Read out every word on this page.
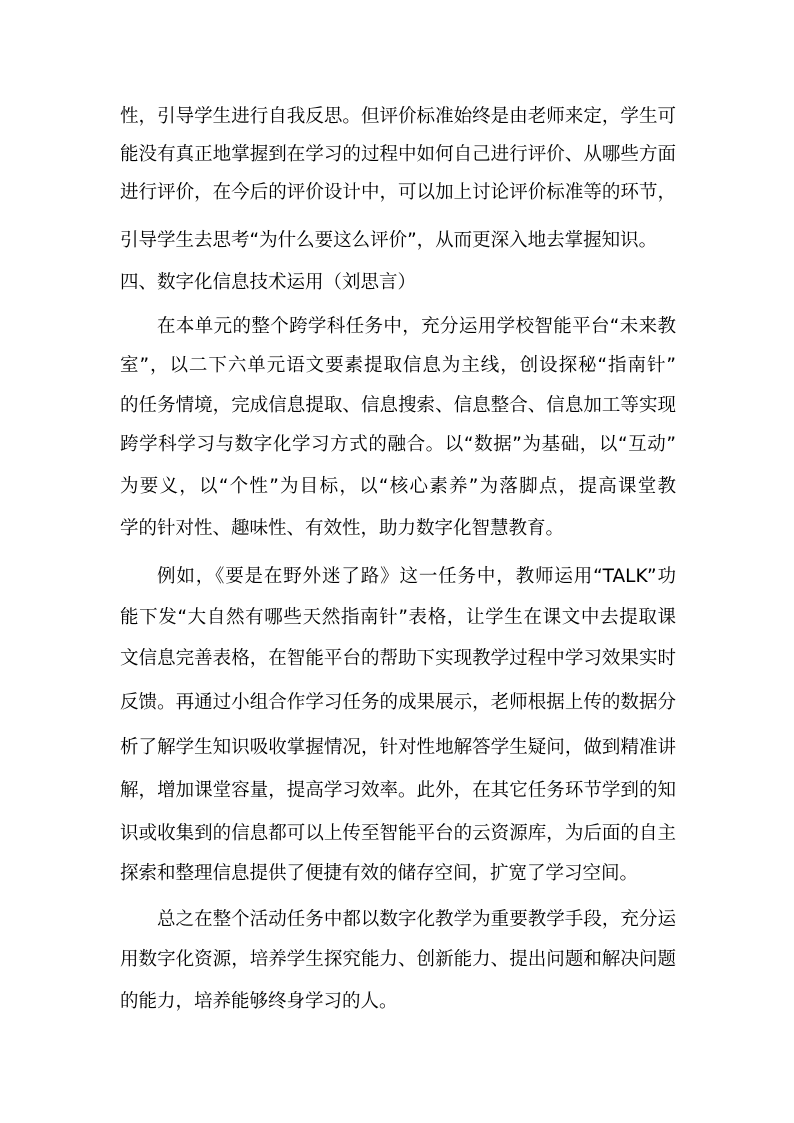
性，引导学生进行自我反思。但评价标准始终是由老师来定，学生可
能没有真正地掌握到在学习的过程中如何自己进行评价、从哪些方面
进行评价，在今后的评价设计中，可以加上讨论评价标准等的环节，
引导学生去思考“为什么要这么评价”，从而更深入地去掌握知识。
四、数字化信息技术运用（刘思言）
在本单元的整个跨学科任务中，充分运用学校智能平台“未来教
室”，以二下六单元语文要素提取信息为主线，创设探秘“指南针”
的任务情境，完成信息提取、信息搜索、信息整合、信息加工等实现
跨学科学习与数字化学习方式的融合。以“数据”为基础，以“互动”
为要义，以“个性”为目标，以“核心素养”为落脚点，提高课堂教
学的针对性、趣味性、有效性，助力数字化智慧教育。
例如，《要是在野外迷了路》这一任务中，教师运用“TALK”功
能下发“大自然有哪些天然指南针”表格，让学生在课文中去提取课
文信息完善表格，在智能平台的帮助下实现教学过程中学习效果实时
反馈。再通过小组合作学习任务的成果展示，老师根据上传的数据分
析了解学生知识吸收掌握情况，针对性地解答学生疑问，做到精准讲
解，增加课堂容量，提高学习效率。此外，在其它任务环节学到的知
识或收集到的信息都可以上传至智能平台的云资源库，为后面的自主
探索和整理信息提供了便捷有效的储存空间，扩宽了学习空间。
总之在整个活动任务中都以数字化教学为重要教学手段，充分运
用数字化资源，培养学生探究能力、创新能力、提出问题和解决问题
的能力，培养能够终身学习的人。
